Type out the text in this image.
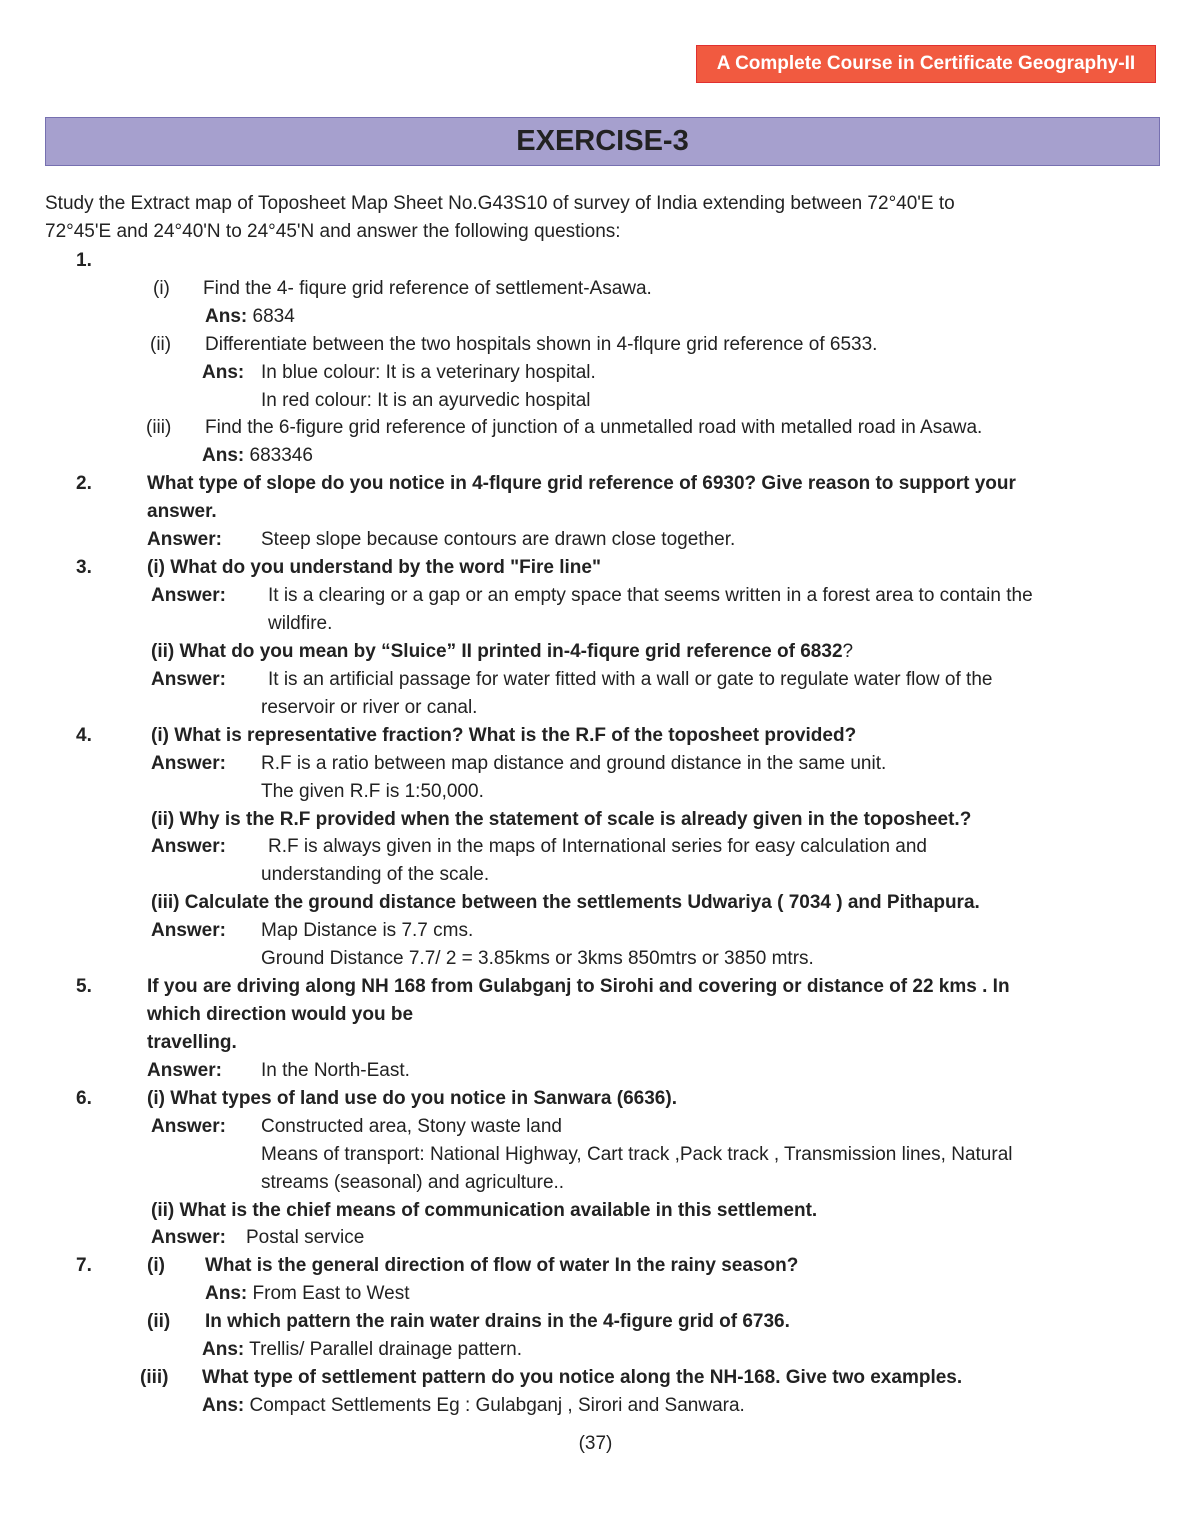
A Complete Course in Certificate Geography-II
EXERCISE-3
Study the Extract map of Toposheet Map Sheet No.G43S10 of survey of India extending between 72°40'E to
72°45'E and 24°40'N to 24°45'N and answer the following questions:
1.
(i) Find the 4- fiqure grid reference of settlement-Asawa.
Ans: 6834
(ii) Differentiate between the two hospitals shown in 4-flqure grid reference of 6533.
Ans: In blue colour: It is a veterinary hospital.
In red colour: It is an ayurvedic hospital
(iii) Find the 6-figure grid reference of junction of a unmetalled road with metalled road in Asawa.
Ans: 683346
2.	What type of slope do you notice in 4-flqure grid reference of 6930? Give reason to support your
answer.
Answer: Steep slope because contours are drawn close together.
3.	(i) What do you understand by the word "Fire line"
Answer: It is a clearing or a gap or an empty space that seems written in a forest area to contain the
wildfire.
(ii) What do you mean by “Sluice” II printed in-4-fiqure grid reference of 6832?
Answer: It is an artificial passage for water fitted with a wall or gate to regulate water flow of the
reservoir or river or canal.
4.	(i) What is representative fraction? What is the R.F of the toposheet provided?
Answer: R.F is a ratio between map distance and ground distance in the same unit.
The given R.F is 1:50,000.
(ii) Why is the R.F provided when the statement of scale is already given in the toposheet.?
Answer: R.F is always given in the maps of International series for easy calculation and
understanding of the scale.
(iii) Calculate the ground distance between the settlements Udwariya ( 7034 ) and Pithapura.
Answer: Map Distance is 7.7 cms.
Ground Distance 7.7/ 2 = 3.85kms or 3kms 850mtrs or 3850 mtrs.
5.	If you are driving along NH 168 from Gulabganj to Sirohi and covering or distance of 22 kms . In
which direction would you be
travelling.
Answer: In the North-East.
6.	(i) What types of land use do you notice in Sanwara (6636).
Answer: Constructed area, Stony waste land
Means of transport: National Highway, Cart track ,Pack track , Transmission lines, Natural
streams (seasonal) and agriculture..
(ii) What is the chief means of communication available in this settlement.
Answer: Postal service
7.	(i) What is the general direction of flow of water In the rainy season?
Ans: From East to West
(ii) In which pattern the rain water drains in the 4-figure grid of 6736.
Ans: Trellis/ Parallel drainage pattern.
(iii) What type of settlement pattern do you notice along the NH-168. Give two examples.
Ans: Compact Settlements Eg : Gulabganj , Sirori and Sanwara.
(37)
